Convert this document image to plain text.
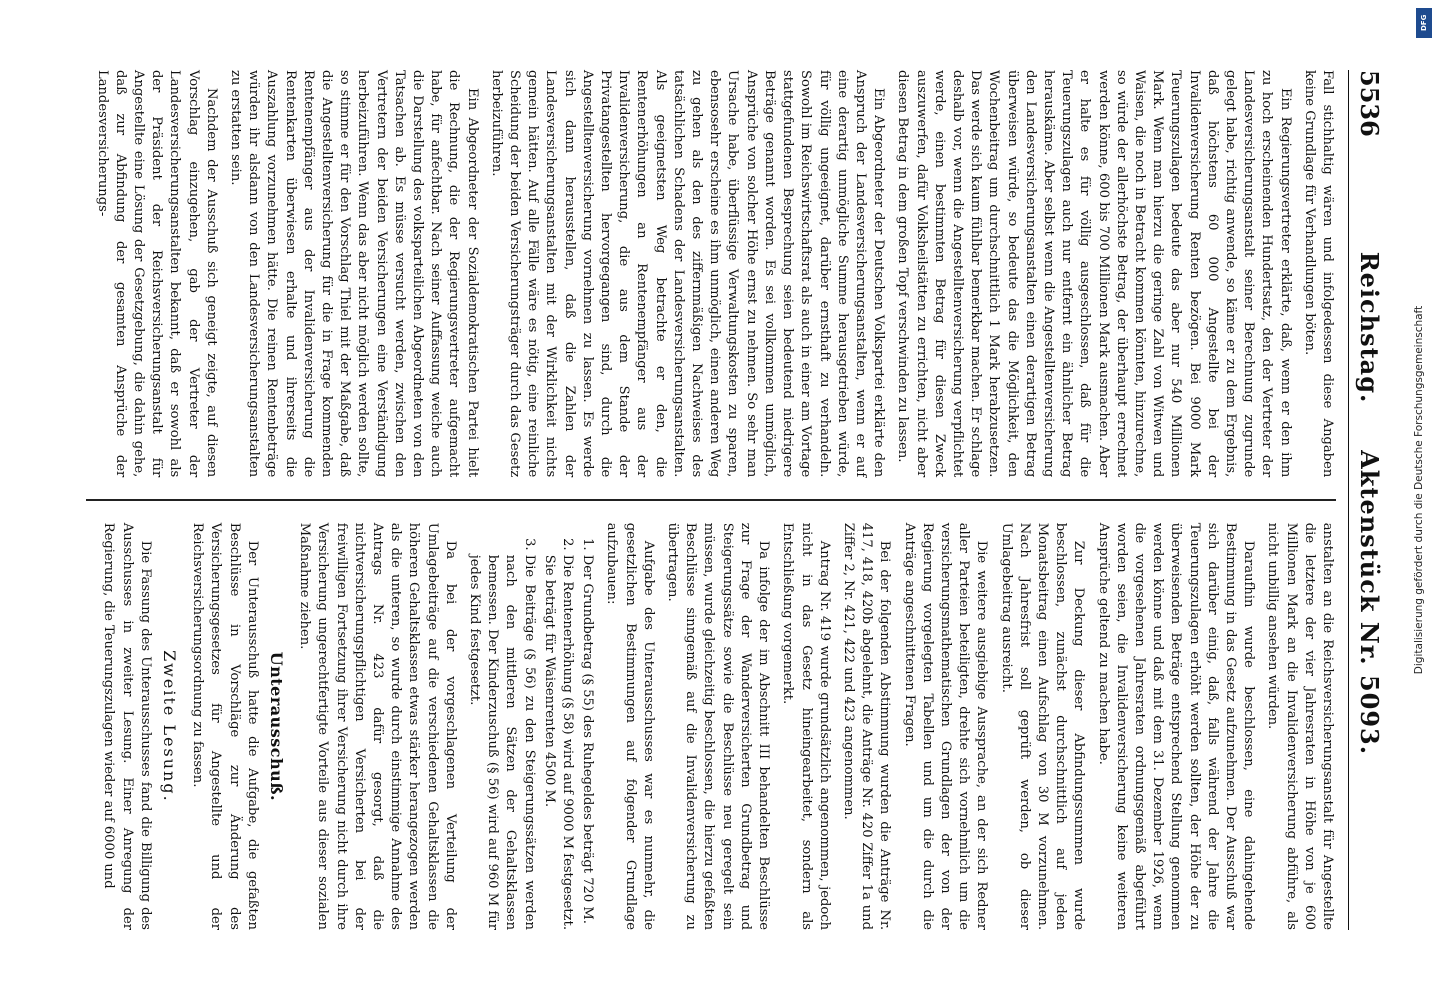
5536
Reichstag.     Aktenstück Nr. 5093.

Fall stichhaltig wären und infolgedessen diese Angaben keine Grundlage für Verhandlungen böten.

Ein Regierungsvertreter erklärte, daß, wenn er den ihm zu hoch erscheinenden Hundertsatz, den der Vertreter der Landesversicherungsanstalt seiner Berechnung zugrunde gelegt habe, richtig anwende, so käme er zu dem Ergebnis, daß höchstens 60 000 Angestellte bei der Invalidenversicherung Renten bezögen. Bei 9000 Mark Teuerungszulagen bedeute das aber nur 540 Millionen Mark. Wenn man hierzu die geringe Zahl von Witwen und Waisen, die noch in Betracht kommen könnten, hinzurechne, so würde der allerhöchste Betrag, der überhaupt errechnet werden könne, 600 bis 700 Millionen Mark ausmachen. Aber er halte es für völlig ausgeschlossen, daß für die Teuerungszulagen auch nur entfernt ein ähnlicher Betrag herauskäme. Aber selbst wenn die Angestelltenversicherung den Landesversicherungsanstalten einen derartigen Betrag überweisen würde, so bedeute das die Möglichkeit, den Wochenbeitrag um durchschnittlich 1 Mark herabzusetzen. Das werde sich kaum fühlbar bemerkbar machen. Er schlage deshalb vor, wenn die Angestelltenversicherung verpflichtet werde, einen bestimmten Betrag für diesen Zweck auszuwerfen, dafür Volksheilstätten zu errichten, nicht aber diesen Betrag in dem großen Topf verschwinden zu lassen.

Ein Abgeordneter der Deutschen Volkspartei erklärte den Anspruch der Landesversicherungsanstalten, wenn er auf eine derartig unmögliche Summe herausgetrieben würde, für völlig ungeeignet, darüber ernsthaft zu verhandeln. Sowohl im Reichswirtschaftsrat als auch in einer am Vortage stattgefundenen Besprechung seien bedeutend niedrigere Beträge genannt worden. Es sei vollkommen unmöglich, Ansprüche von solcher Höhe ernst zu nehmen. So sehr man Ursache habe, überflüssige Verwaltungskosten zu sparen, ebensosehr erscheine es ihm unmöglich, einen anderen Weg zu gehen als den des ziffernmäßigen Nachweises des tatsächlichen Schadens der Landesversicherungsanstalten. Als geeignetsten Weg betrachte er den, die Rentenerhöhungen an Rentenempfänger aus der Invalidenversicherung, die aus dem Stande der Privatangestellten hervorgegangen sind, durch die Angestelltenversicherung vornehmen zu lassen. Es werde sich dann herausstellen, daß die Zahlen der Landesversicherungsanstalten mit der Wirklichkeit nichts gemein hätten. Auf alle Fälle wäre es nötig, eine reinliche Scheidung der beiden Versicherungsträger durch das Gesetz herbeizuführen.

Ein Abgeordneter der Sozialdemokratischen Partei hielt die Rechnung, die der Regierungsvertreter aufgemacht habe, für anfechtbar. Nach seiner Auffassung weiche auch die Darstellung des volksparteilichen Abgeordneten von den Tatsachen ab. Es müsse versucht werden, zwischen den Vertretern der beiden Versicherungen eine Verständigung herbeizuführen. Wenn das aber nicht möglich werden sollte, so stimme er für den Vorschlag Thiel mit der Maßgabe, daß die Angestelltenversicherung für die in Frage kommenden Rentenempfänger aus der Invalidenversicherung die Rentenkarten überwiesen erhalte und ihrerseits die Auszahlung vorzunehmen hätte. Die reinen Rentenbeträge würden ihr alsdann von den Landesversicherungsanstalten zu erstatten sein.

Nachdem der Ausschuß sich geneigt zeigte, auf diesen Vorschlag einzugehen, gab der Vertreter der Landesversicherungsanstalten bekannt, daß er sowohl als der Präsident der Reichsversicherungsanstalt für Angestellte eine Lösung der Gesetzgebung, die dahin gehe, daß zur Abfindung der gesamten Ansprüche der Landesversicherungs-

anstalten an die Reichsversicherungsanstalt für Angestellte die letztere der vier Jahresraten in Höhe von je 600 Millionen Mark an die Invalidenversicherung abführe, als nicht unbillig ansehen würden.

Daraufhin wurde beschlossen, eine dahingehende Bestimmung in das Gesetz aufzunehmen. Der Ausschuß war sich darüber einig, daß, falls während der Jahre die Teuerungszulagen erhöht werden sollten, der Höhe der zu überweisenden Beträge entsprechend Stellung genommen werden könne und daß mit dem 31. Dezember 1926, wenn die vorgesehenen Jahresraten ordnungsgemäß abgeführt worden seien, die Invalidenversicherung keine weiteren Ansprüche geltend zu machen habe.

Zur Deckung dieser Abfindungssummen wurde beschlossen, zunächst durchschnittlich auf jeden Monatsbeitrag einen Aufschlag von 30 M vorzunehmen. Nach Jahresfrist soll geprüft werden, ob dieser Umlagebeitrag ausreicht.

Die weitere ausgiebige Aussprache, an der sich Redner aller Parteien beteiligten, drehte sich vornehmlich um die versicherungsmathematischen Grundlagen der von der Regierung vorgelegten Tabellen und um die durch die Anträge angeschnittenen Fragen.

Bei der folgenden Abstimmung wurden die Anträge Nr. 417, 418, 420b abgelehnt, die Anträge Nr. 420 Ziffer 1a und Ziffer 2, Nr. 421, 422 und 423 angenommen.

Antrag Nr. 419 wurde grundsätzlich angenommen, jedoch nicht in das Gesetz hineingearbeitet, sondern als Entschließung vorgemerkt.

Da infolge der im Abschnitt III behandelten Beschlüsse zur Frage der Wanderversicherten Grundbetrag und Steigerungssätze sowie die Beschlüsse neu geregelt sein müssen, wurde gleichzeitig beschlossen, die hierzu gefaßten Beschlüsse sinngemäß auf die Invalidenversicherung zu übertragen.

Aufgabe des Unterausschusses war es nunmehr, die gesetzlichen Bestimmungen auf folgender Grundlage aufzubauen:

1. Der Grundbetrag (§ 55) des Ruhegeldes beträgt 720 M.
2. Die Rentenerhöhung (§ 58) wird auf 9000 M festgesetzt. Sie beträgt für Waisenrenten 4500 M.
3. Die Beiträge (§ 56) zu den Steigerungssätzen werden nach den mittleren Sätzen der Gehaltsklassen bemessen. Der Kinderzuschuß (§ 56) wird auf 960 M für jedes Kind festgesetzt.

Da bei der vorgeschlagenen Verteilung der Umlagebeiträge auf die verschiedenen Gehaltsklassen die höheren Gehaltsklassen etwas stärker herangezogen werden als die unteren, so wurde durch einstimmige Annahme des Antrags Nr. 423 dafür gesorgt, daß die nichtversicherungspflichtigen Versicherten bei der freiwilligen Fortsetzung ihrer Versicherung nicht durch ihre Versicherung ungerechtfertigte Vorteile aus dieser sozialen Maßnahme ziehen.

Unterausschuß.

Der Unterausschuß hatte die Aufgabe, die gefaßten Beschlüsse in Vorschläge zur Änderung des Versicherungsgesetzes für Angestellte und der Reichsversicherungsordnung zu fassen.

Zweite Lesung.

Die Fassung des Unterausschusses fand die Billigung des Ausschusses in zweiter Lesung. Einer Anregung der Regierung, die Teuerungszulagen wieder auf 6000 und

DFG
Digitalisierung gefördert durch die Deutsche Forschungsgemeinschaft
